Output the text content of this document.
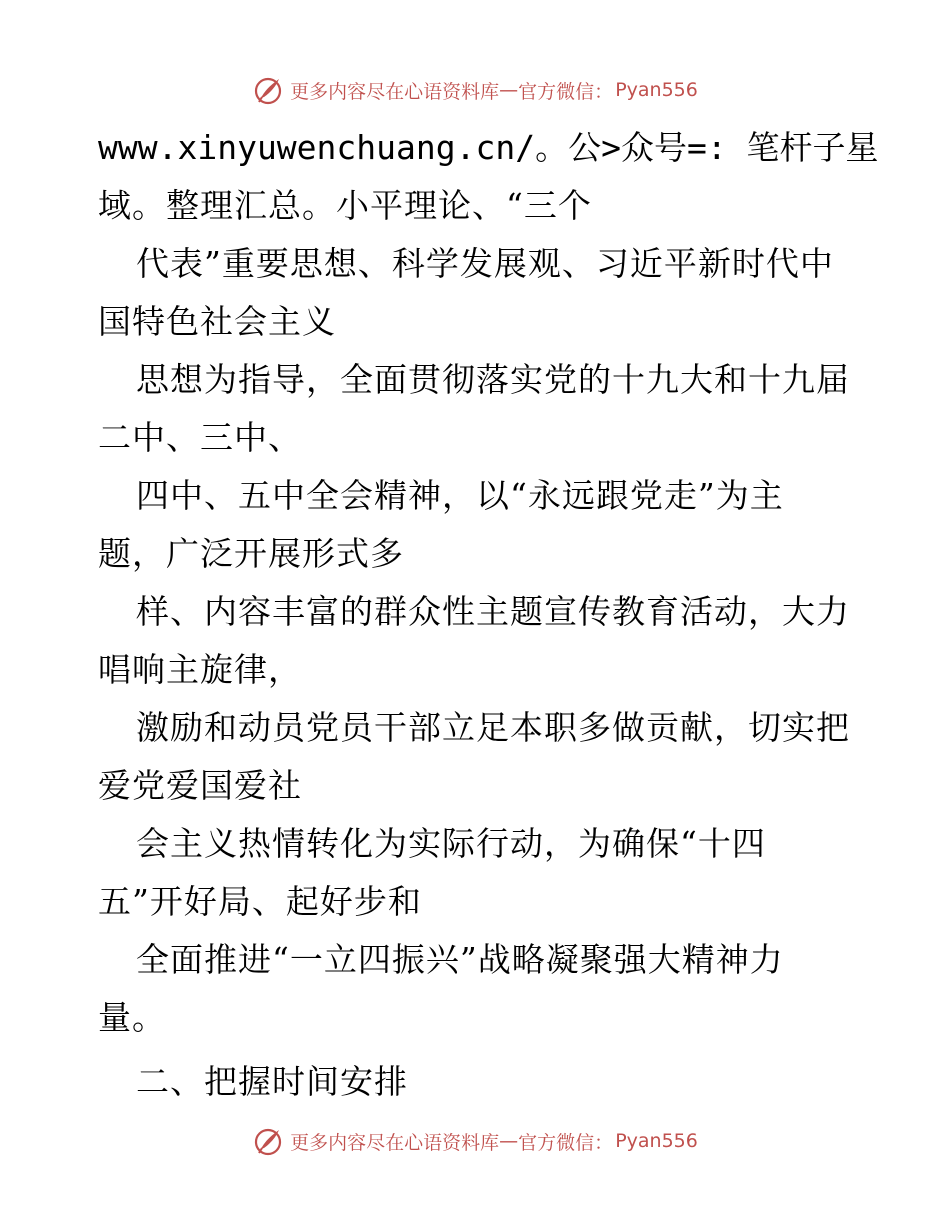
更多内容尽在心语资料库 — 官方微信： Pyan556
www.xinyuwenchuang.cn/。公>众号=: 笔杆子星
域。整理汇总。小平理论、“三个
代表”重要思想、科学发展观、习近平新时代中
国特色社会主义
思想为指导，全面贯彻落实党的十九大和十九届
二中、三中、
四中、五中全会精神，以“永远跟党走”为主
题，广泛开展形式多
样、内容丰富的群众性主题宣传教育活动，大力
唱响主旋律，
激励和动员党员干部立足本职多做贡献，切实把
爱党爱国爱社
会主义热情转化为实际行动，为确保“十四
五”开好局、起好步和
全面推进“一立四振兴”战略凝聚强大精神力
量。
二、把握时间安排
更多内容尽在心语资料库 — 官方微信： Pyan556
